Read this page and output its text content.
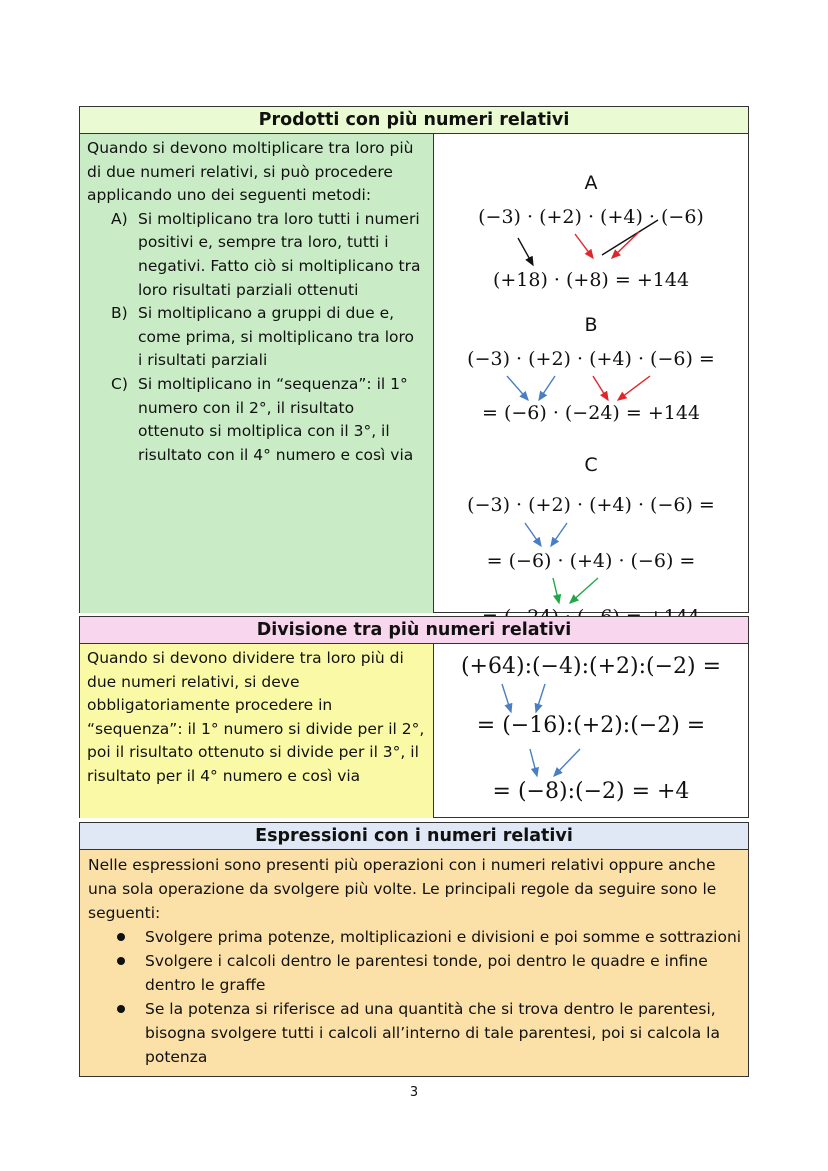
Prodotti con più numeri relativi
Quando si devono moltiplicare tra loro più
di due numeri relativi, si può procedere
applicando uno dei seguenti metodi:
A) Si moltiplicano tra loro tutti i numeri
positivi e, sempre tra loro, tutti i
negativi. Fatto ciò si moltiplicano tra
loro risultati parziali ottenuti
B) Si moltiplicano a gruppi di due e,
come prima, si moltiplicano tra loro
i risultati parziali
C) Si moltiplicano in “sequenza”: il 1°
numero con il 2°, il risultato
ottenuto si moltiplica con il 3°, il
risultato con il 4° numero e così via
A
(−3) · (+2) · (+4) · (−6)
(+18) · (+8) = +144
B
(−3) · (+2) · (+4) · (−6) =
= (−6) · (−24) = +144
C
(−3) · (+2) · (+4) · (−6) =
= (−6) · (+4) · (−6) =
Divisione tra più numeri relativi
Quando si devono dividere tra loro più di
due numeri relativi, si deve
obbligatoriamente procedere in
“sequenza”: il 1° numero si divide per il 2°,
poi il risultato ottenuto si divide per il 3°, il
risultato per il 4° numero e così via
(+64):(−4):(+2):(−2) =
= (−16):(+2):(−2) =
= (−8):(−2) = +4
Espressioni con i numeri relativi
Nelle espressioni sono presenti più operazioni con i numeri relativi oppure anche
una sola operazione da svolgere più volte. Le principali regole da seguire sono le
seguenti:
Svolgere prima potenze, moltiplicazioni e divisioni e poi somme e sottrazioni
Svolgere i calcoli dentro le parentesi tonde, poi dentro le quadre e infine
dentro le graffe
Se la potenza si riferisce ad una quantità che si trova dentro le parentesi,
bisogna svolgere tutti i calcoli all’interno di tale parentesi, poi si calcola la
potenza
3
